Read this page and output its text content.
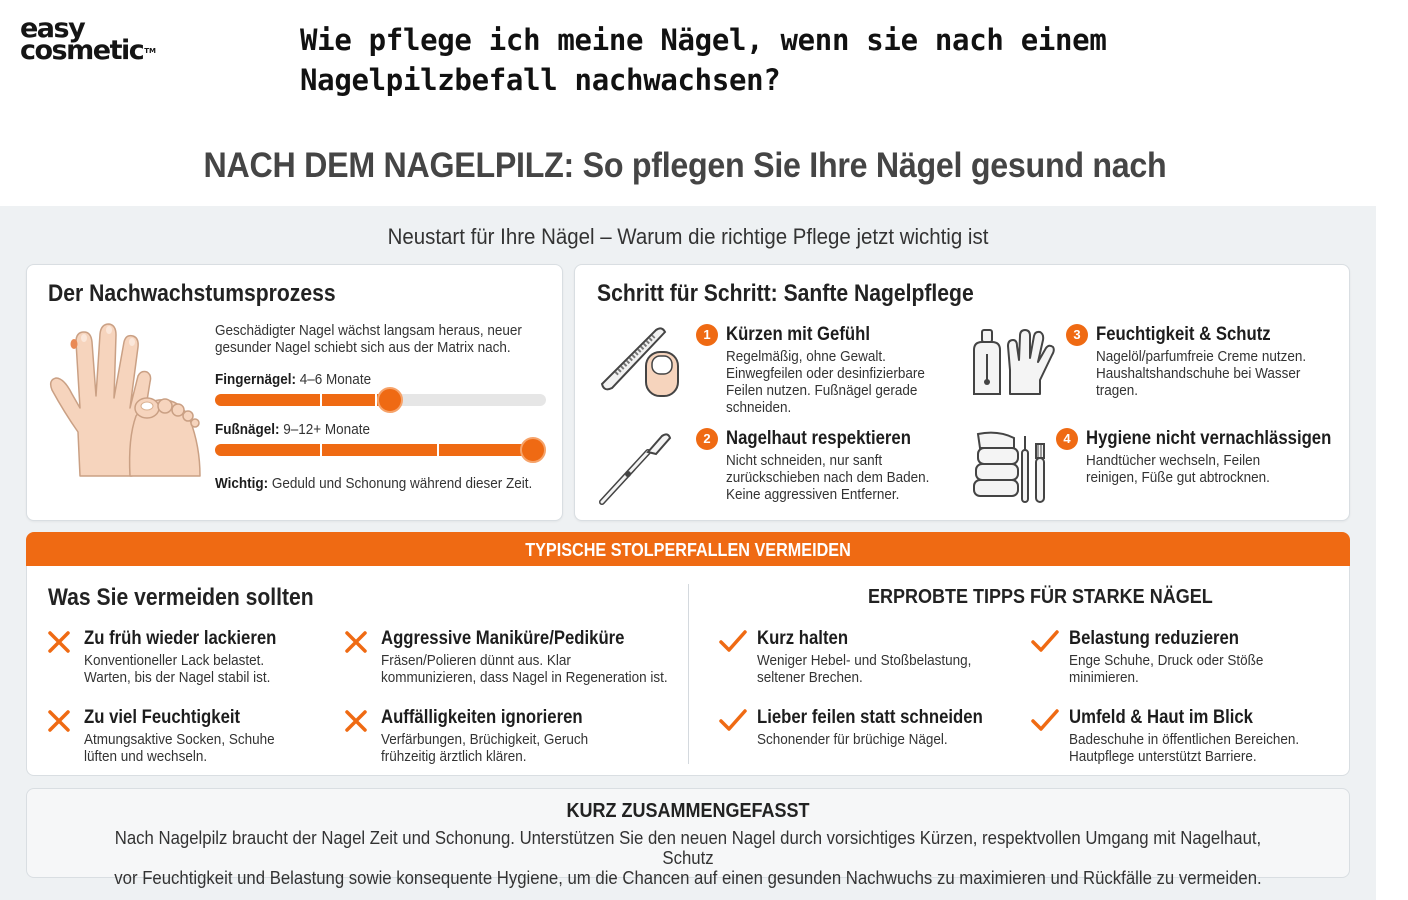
easy
cosmetic™	Wie pflege ich meine Nägel, wenn sie nach einem
Nagelpilzbefall nachwachsen?
NACH DEM NAGELPILZ: So pflegen Sie Ihre Nägel gesund nach
Neustart für Ihre Nägel – Warum die richtige Pflege jetzt wichtig ist
Der Nachwachstumsprozess
Geschädigter Nagel wächst langsam heraus, neuer
gesunder Nagel schiebt sich aus der Matrix nach.
Fingernägel: 4–6 Monate
Fußnägel: 9–12+ Monate
Wichtig: Geduld und Schonung während dieser Zeit.
Schritt für Schritt: Sanfte Nagelpflege
1 Kürzen mit Gefühl
Regelmäßig, ohne Gewalt.
Einwegfeilen oder desinfizierbare
Feilen nutzen. Fußnägel gerade
schneiden.
2 Nagelhaut respektieren
Nicht schneiden, nur sanft
zurückschieben nach dem Baden.
Keine aggressiven Entferner.
3 Feuchtigkeit & Schutz
Nagelöl/parfumfreie Creme nutzen.
Haushaltshandschuhe bei Wasser
tragen.
4 Hygiene nicht vernachlässigen
Handtücher wechseln, Feilen
reinigen, Füße gut abtrocknen.
TYPISCHE STOLPERFALLEN VERMEIDEN
Was Sie vermeiden sollten
Zu früh wieder lackieren
Konventioneller Lack belastet.
Warten, bis der Nagel stabil ist.
Aggressive Maniküre/Pediküre
Fräsen/Polieren dünnt aus. Klar
kommunizieren, dass Nagel in Regeneration ist.
Zu viel Feuchtigkeit
Atmungsaktive Socken, Schuhe
lüften und wechseln.
Auffälligkeiten ignorieren
Verfärbungen, Brüchigkeit, Geruch
frühzeitig ärztlich klären.
ERPROBTE TIPPS FÜR STARKE NÄGEL
Kurz halten
Weniger Hebel- und Stoßbelastung,
seltener Brechen.
Belastung reduzieren
Enge Schuhe, Druck oder Stöße
minimieren.
Lieber feilen statt schneiden
Schonender für brüchige Nägel.
Umfeld & Haut im Blick
Badeschuhe in öffentlichen Bereichen.
Hautpflege unterstützt Barriere.
KURZ ZUSAMMENGEFASST
Nach Nagelpilz braucht der Nagel Zeit und Schonung. Unterstützen Sie den neuen Nagel durch vorsichtiges Kürzen, respektvollen Umgang mit Nagelhaut, Schutz
vor Feuchtigkeit und Belastung sowie konsequente Hygiene, um die Chancen auf einen gesunden Nachwuchs zu maximieren und Rückfälle zu vermeiden.
